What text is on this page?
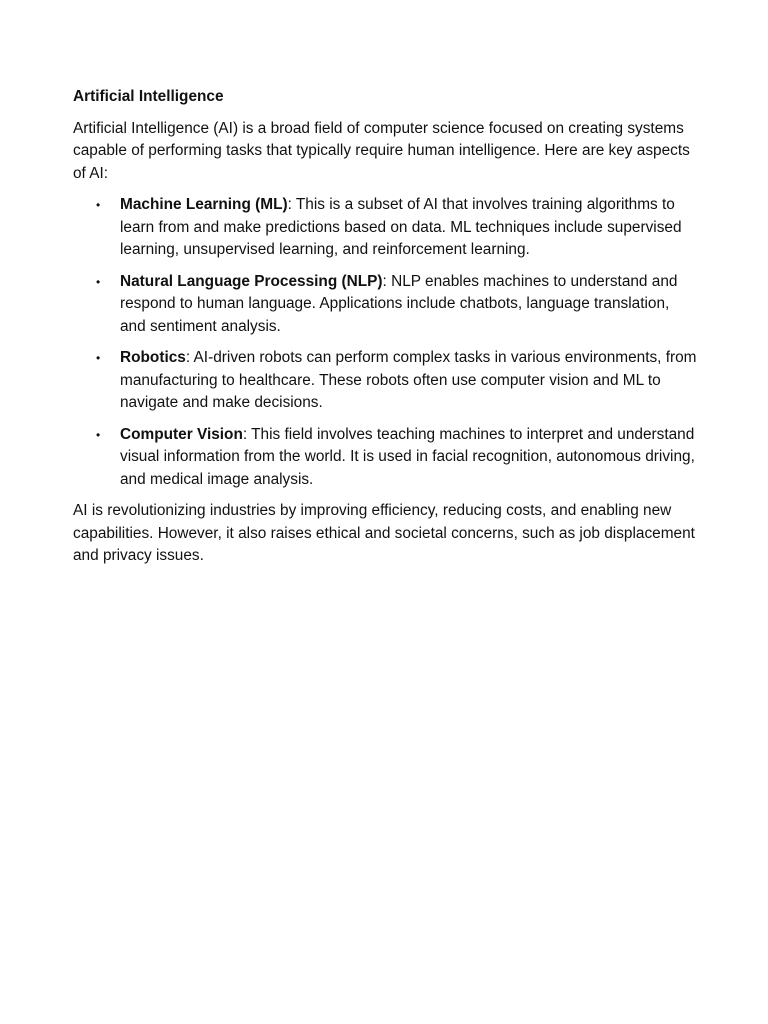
Artificial Intelligence

Artificial Intelligence (AI) is a broad field of computer science focused on creating systems capable of performing tasks that typically require human intelligence. Here are key aspects of AI:

• Machine Learning (ML): This is a subset of AI that involves training algorithms to learn from and make predictions based on data. ML techniques include supervised learning, unsupervised learning, and reinforcement learning.
• Natural Language Processing (NLP): NLP enables machines to understand and respond to human language. Applications include chatbots, language translation, and sentiment analysis.
• Robotics: AI-driven robots can perform complex tasks in various environments, from manufacturing to healthcare. These robots often use computer vision and ML to navigate and make decisions.
• Computer Vision: This field involves teaching machines to interpret and understand visual information from the world. It is used in facial recognition, autonomous driving, and medical image analysis.

AI is revolutionizing industries by improving efficiency, reducing costs, and enabling new capabilities. However, it also raises ethical and societal concerns, such as job displacement and privacy issues.
